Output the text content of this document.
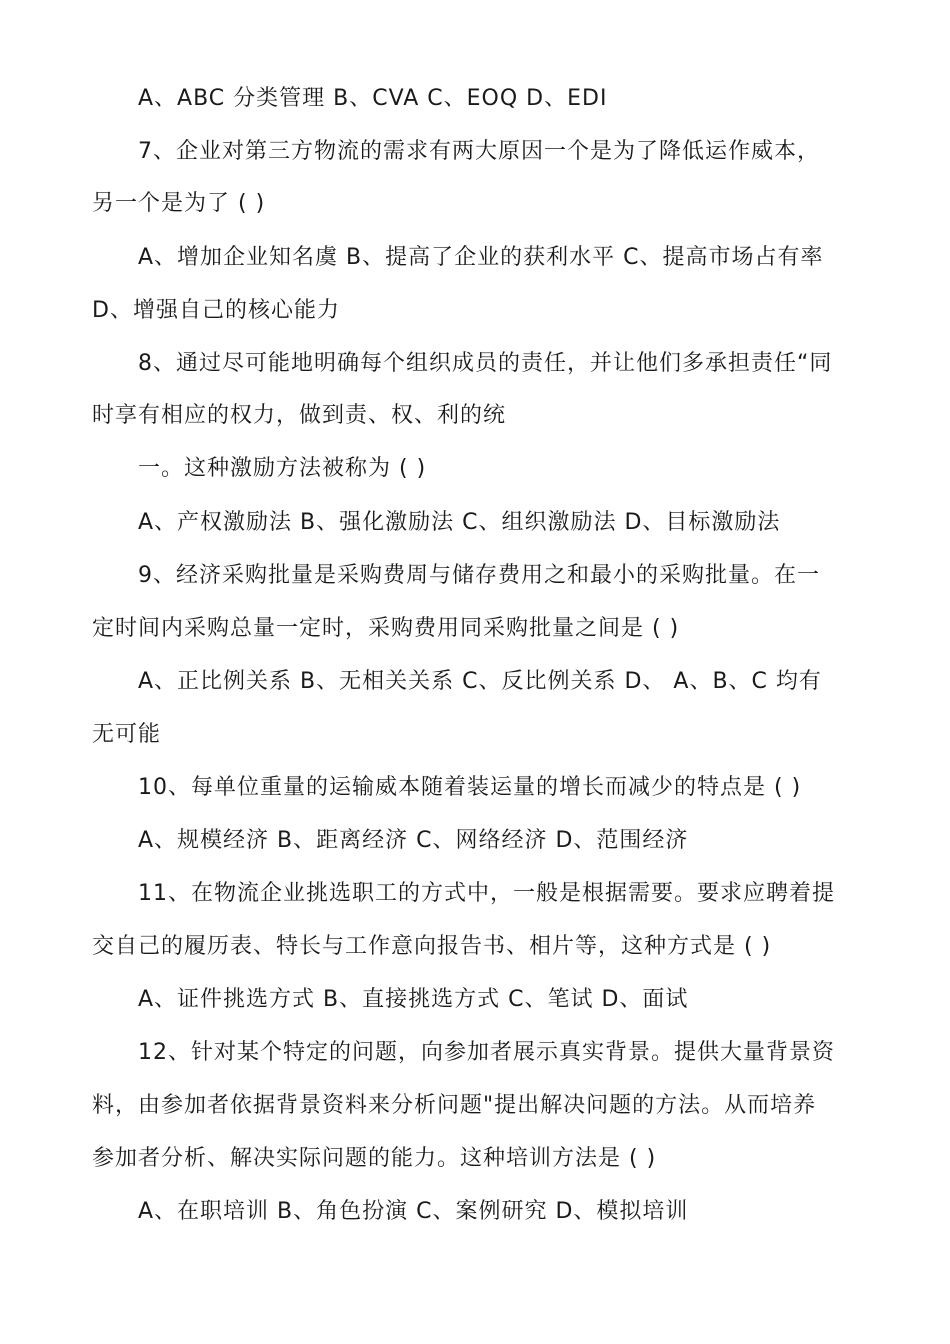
A、ABC 分类管理 B、CVA C、EOQ D、EDI
7、企业对第三方物流的需求有两大原因一个是为了降低运作威本，
另一个是为了 ( )
A、增加企业知名虞 B、提高了企业的获利水平 C、提高市场占有率
D、增强自己的核心能力
8、通过尽可能地明确每个组织成员的责任，并让他们多承担责任“同
时享有相应的权力，做到责、权、利的统
一。这种激励方法被称为 ( )
A、产权激励法 B、强化激励法 C、组织激励法 D、目标激励法
9、经济采购批量是采购费周与储存费用之和最小的采购批量。在一
定时间内采购总量一定时，采购费用同采购批量之间是 ( )
A、正比例关系 B、无相关关系 C、反比例关系 D、 A、B、C 均有
无可能
10、每单位重量的运输威本随着装运量的增长而减少的特点是 ( )
A、规模经济 B、距离经济 C、网络经济 D、范围经济
11、在物流企业挑选职工的方式中，一般是根据需要。要求应聘着提
交自己的履历表、特长与工作意向报告书、相片等，这种方式是 ( )
A、证件挑选方式 B、直接挑选方式 C、笔试 D、面试
12、针对某个特定的问题，向参加者展示真实背景。提供大量背景资
料，由参加者依据背景资料来分析问题"提出解决问题的方法。从而培养
参加者分析、解决实际问题的能力。这种培训方法是 ( )
A、在职培训 B、角色扮演 C、案例研究 D、模拟培训
